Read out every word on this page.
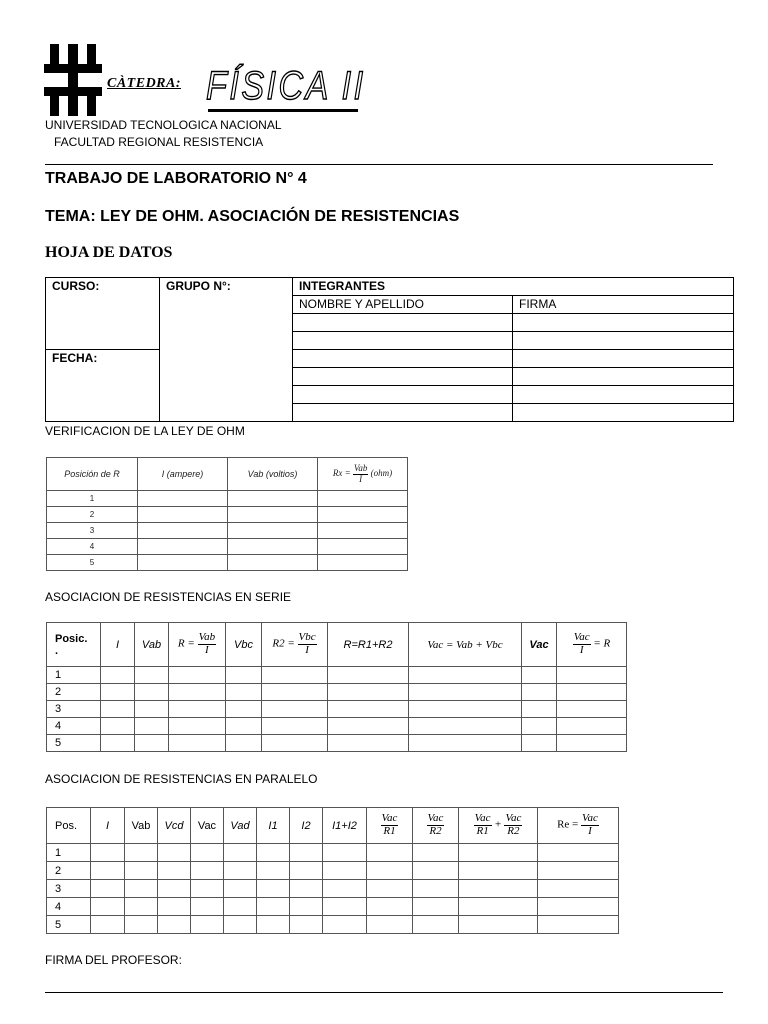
CÀTEDRA: FÍSICA II
UNIVERSIDAD TECNOLOGICA NACIONAL
FACULTAD REGIONAL RESISTENCIA
TRABAJO DE LABORATORIO N° 4
TEMA: LEY DE OHM. ASOCIACIÓN DE RESISTENCIAS
HOJA DE DATOS
CURSO:	GRUPO N°:	INTEGRANTES	
		NOMBRE Y APELLIDO	FIRMA

FECHA:			

VERIFICACION DE LA LEY DE OHM
Posición de R	I (ampere)	Vab (voltios)	$Rx = \frac{\text{Vab}}{I} (ohm)$
1			
2			
3			
4			
5			
ASOCIACION DE RESISTENCIAS EN SERIE
Posic.
.	I	Vab	$R = \frac{\text{Vab}}{I}$	Vbc	$R2 = \frac{\text{Vbc}}{I}$	R=R1+R2	Vac = Vab + Vbc	Vac	$\frac{\text{Vac}}{I} = R$
1									
2									
3									
4									
5									
ASOCIACION DE RESISTENCIAS EN PARALELO
Pos.	I	Vab	Vcd	Vac	Vad	I1	I2	I1+I2	$\frac{\text{Vac}}{R1}$	$\frac{\text{Vac}}{R2}$	$\frac{\text{Vac}}{R1} + \frac{\text{Vac}}{R2}$	$Re = \frac{\text{Vac}}{I}$

1												
2												
3												
4												
5												
FIRMA DEL PROFESOR:
